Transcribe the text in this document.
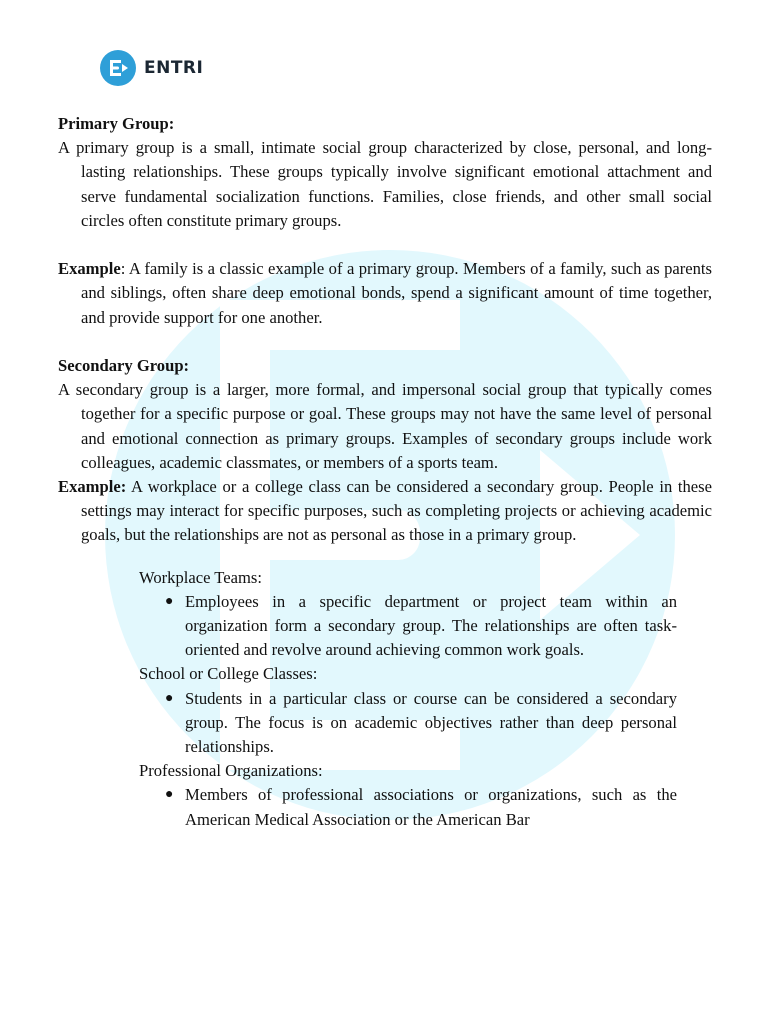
ENTRI

Primary Group:

A primary group is a small, intimate social group characterized by close, personal, and long-lasting relationships. These groups typically involve significant emotional attachment and serve fundamental socialization functions. Families, close friends, and other small social circles often constitute primary groups.

Example: A family is a classic example of a primary group. Members of a family, such as parents and siblings, often share deep emotional bonds, spend a significant amount of time together, and provide support for one another.

Secondary Group:

A secondary group is a larger, more formal, and impersonal social group that typically comes together for a specific purpose or goal. These groups may not have the same level of personal and emotional connection as primary groups. Examples of secondary groups include work colleagues, academic classmates, or members of a sports team.

Example: A workplace or a college class can be considered a secondary group. People in these settings may interact for specific purposes, such as completing projects or achieving academic goals, but the relationships are not as personal as those in a primary group.

Workplace Teams:

● Employees in a specific department or project team within an organization form a secondary group. The relationships are often task-oriented and revolve around achieving common work goals.

School or College Classes:

● Students in a particular class or course can be considered a secondary group. The focus is on academic objectives rather than deep personal relationships.

Professional Organizations:

● Members of professional associations or organizations, such as the American Medical Association or the American Bar
